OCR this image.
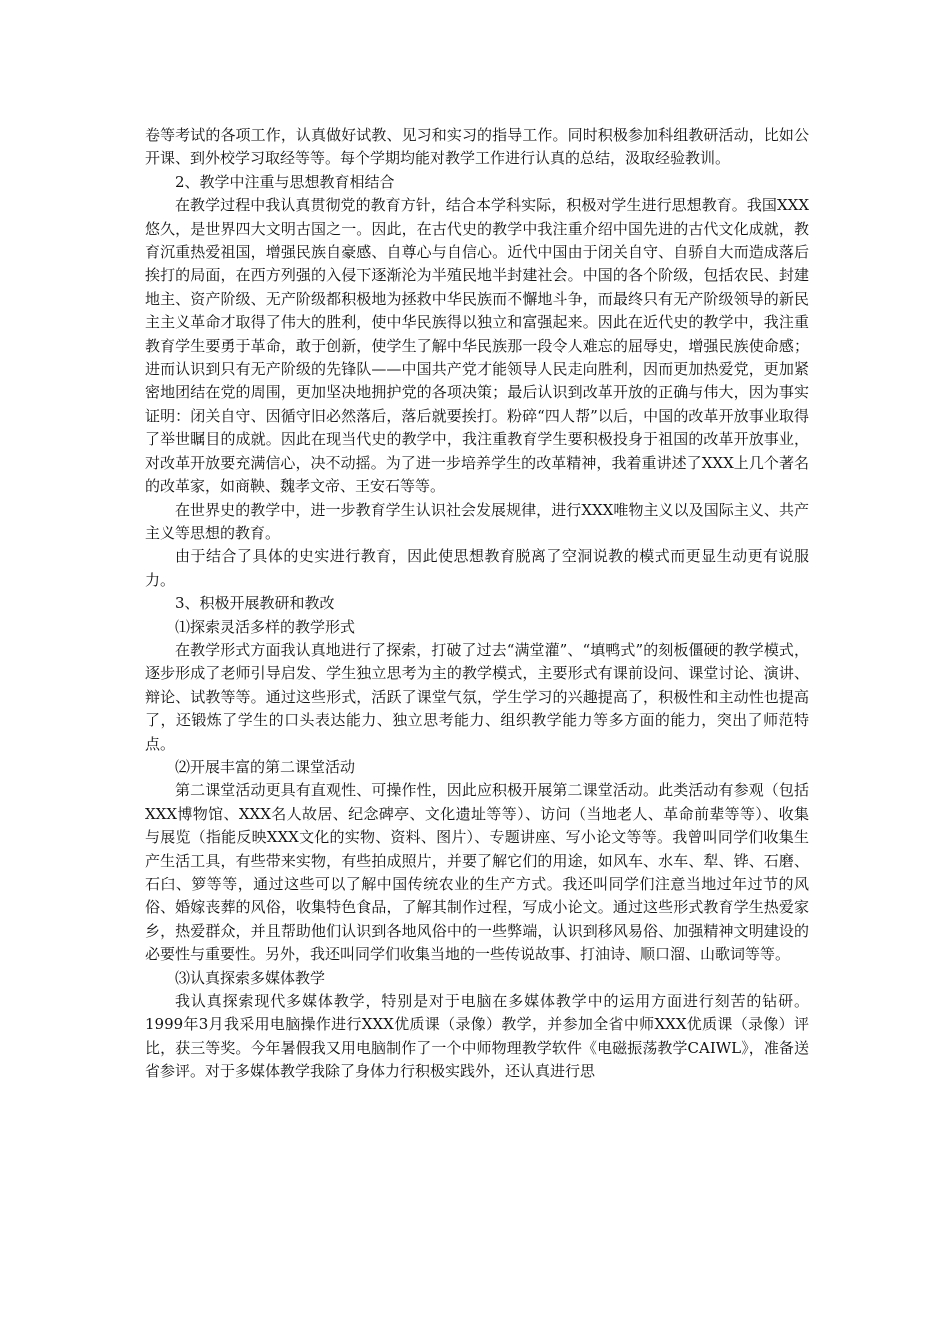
卷等考试的各项工作，认真做好试教、见习和实习的指导工作。同时积极参加科组教研活动，比如公开课、到外校学习取经等等。每个学期均能对教学工作进行认真的总结，汲取经验教训。

2、教学中注重与思想教育相结合

在教学过程中我认真贯彻党的教育方针，结合本学科实际，积极对学生进行思想教育。我国XXX悠久，是世界四大文明古国之一。因此，在古代史的教学中我注重介绍中国先进的古代文化成就，教育沉重热爱祖国，增强民族自豪感、自尊心与自信心。近代中国由于闭关自守、自骄自大而造成落后挨打的局面，在西方列强的入侵下逐渐沦为半殖民地半封建社会。中国的各个阶级，包括农民、封建地主、资产阶级、无产阶级都积极地为拯救中华民族而不懈地斗争，而最终只有无产阶级领导的新民主主义革命才取得了伟大的胜利，使中华民族得以独立和富强起来。因此在近代史的教学中，我注重教育学生要勇于革命，敢于创新，使学生了解中华民族那一段令人难忘的屈辱史，增强民族使命感；进而认识到只有无产阶级的先锋队——中国共产党才能领导人民走向胜利，因而更加热爱党，更加紧密地团结在党的周围，更加坚决地拥护党的各项决策；最后认识到改革开放的正确与伟大，因为事实证明：闭关自守、因循守旧必然落后，落后就要挨打。粉碎“四人帮”以后，中国的改革开放事业取得了举世瞩目的成就。因此在现当代史的教学中，我注重教育学生要积极投身于祖国的改革开放事业，对改革开放要充满信心，决不动摇。为了进一步培养学生的改革精神，我着重讲述了XXX上几个著名的改革家，如商鞅、魏孝文帝、王安石等等。

在世界史的教学中，进一步教育学生认识社会发展规律，进行XXX唯物主义以及国际主义、共产主义等思想的教育。

由于结合了具体的史实进行教育，因此使思想教育脱离了空洞说教的模式而更显生动更有说服力。

3、积极开展教研和教改

⑴探索灵活多样的教学形式

在教学形式方面我认真地进行了探索，打破了过去“满堂灌”、“填鸭式”的刻板僵硬的教学模式，逐步形成了老师引导启发、学生独立思考为主的教学模式，主要形式有课前设问、课堂讨论、演讲、辩论、试教等等。通过这些形式，活跃了课堂气氛，学生学习的兴趣提高了，积极性和主动性也提高了，还锻炼了学生的口头表达能力、独立思考能力、组织教学能力等多方面的能力，突出了师范特点。

⑵开展丰富的第二课堂活动

第二课堂活动更具有直观性、可操作性，因此应积极开展第二课堂活动。此类活动有参观（包括XXX博物馆、XXX名人故居、纪念碑亭、文化遗址等等）、访问（当地老人、革命前辈等等）、收集与展览（指能反映XXX文化的实物、资料、图片）、专题讲座、写小论文等等。我曾叫同学们收集生产生活工具，有些带来实物，有些拍成照片，并要了解它们的用途，如风车、水车、犁、铧、石磨、石臼、箩等等，通过这些可以了解中国传统农业的生产方式。我还叫同学们注意当地过年过节的风俗、婚嫁丧葬的风俗，收集特色食品，了解其制作过程，写成小论文。通过这些形式教育学生热爱家乡，热爱群众，并且帮助他们认识到各地风俗中的一些弊端，认识到移风易俗、加强精神文明建设的必要性与重要性。另外，我还叫同学们收集当地的一些传说故事、打油诗、顺口溜、山歌词等等。

⑶认真探索多媒体教学

我认真探索现代多媒体教学，特别是对于电脑在多媒体教学中的运用方面进行刻苦的钻研。1999年3月我采用电脑操作进行XXX优质课（录像）教学，并参加全省中师XXX优质课（录像）评比，获三等奖。今年暑假我又用电脑制作了一个中师物理教学软件《电磁振荡教学CAIWL》，准备送省参评。对于多媒体教学我除了身体力行积极实践外，还认真进行思
